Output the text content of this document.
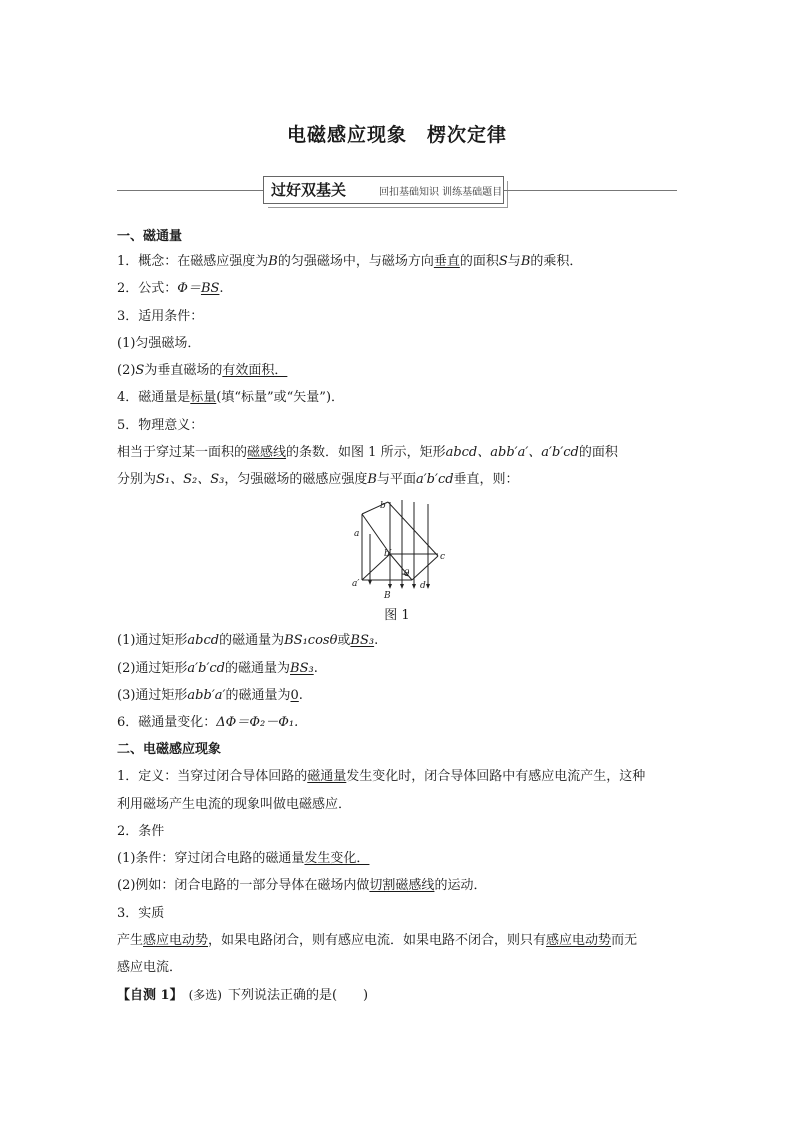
电磁感应现象　楞次定律
过好双基关	回扣基础知识 训练基础题目
一、磁通量
1．概念：在磁感应强度为B的匀强磁场中，与磁场方向垂直的面积S与B的乘积．
2．公式：Φ＝BS.
3．适用条件：
(1)匀强磁场．
(2)S为垂直磁场的有效面积．
4．磁通量是标量(填“标量”或“矢量”)．
5．物理意义：
相当于穿过某一面积的磁感线的条数．如图 1 所示，矩形abcd、abb′a′、a′b′cd的面积
分别为S₁、S₂、S₃，匀强磁场的磁感应强度B与平面a′b′cd垂直，则：
a
b
b′	c
a′	d
B
θ
图 1
(1)通过矩形abcd的磁通量为BS₁cosθ或BS₃.
(2)通过矩形a′b′cd的磁通量为BS₃.
(3)通过矩形abb′a′的磁通量为0.
6．磁通量变化：ΔΦ＝Φ₂－Φ₁.
二、电磁感应现象
1．定义：当穿过闭合导体回路的磁通量发生变化时，闭合导体回路中有感应电流产生，这种
利用磁场产生电流的现象叫做电磁感应．
2．条件
(1)条件：穿过闭合电路的磁通量发生变化．
(2)例如：闭合电路的一部分导体在磁场内做切割磁感线的运动．
3．实质
产生感应电动势，如果电路闭合，则有感应电流．如果电路不闭合，则只有感应电动势而无
感应电流．
【自测 1】 (多选) 下列说法正确的是(　　)
